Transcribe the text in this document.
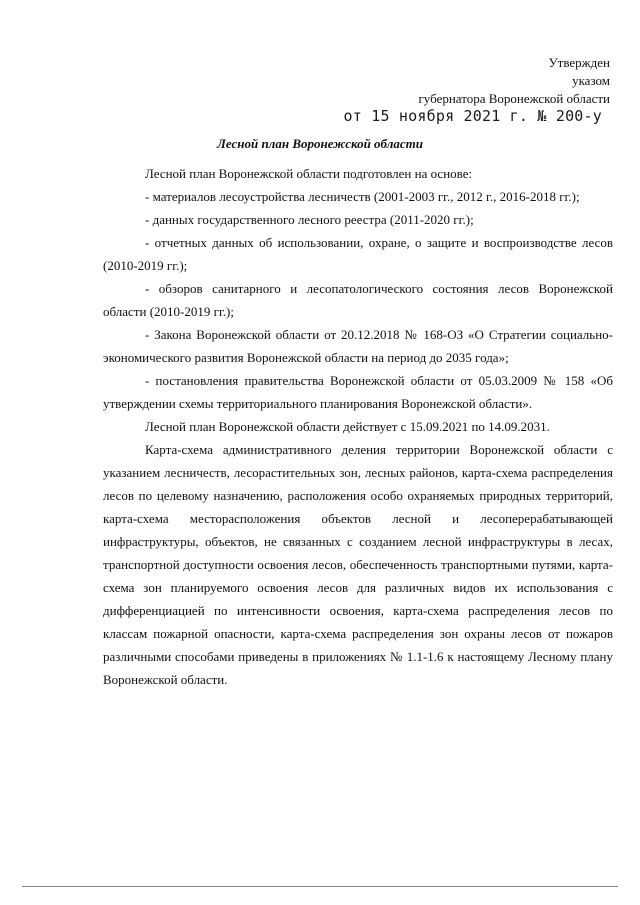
Утвержден
указом
губернатора Воронежской области
от 15 ноября 2021 г. № 200-у
Лесной план Воронежской области

Лесной план Воронежской области подготовлен на основе:

- материалов лесоустройства лесничеств (2001-2003 гг., 2012 г., 2016-2018 гг.);

- данных государственного лесного реестра (2011-2020 гг.);

- отчетных данных об использовании, охране, о защите и воспроизводстве лесов (2010-2019 гг.);

- обзоров санитарного и лесопатологического состояния лесов Воронежской области (2010-2019 гг.);

- Закона Воронежской области от 20.12.2018 № 168-ОЗ «О Стратегии социально-экономического развития Воронежской области на период до 2035 года»;

- постановления правительства Воронежской области от 05.03.2009 № 158 «Об утверждении схемы территориального планирования Воронежской области».

Лесной план Воронежской области действует с 15.09.2021 по 14.09.2031.

Карта-схема административного деления территории Воронежской области с указанием лесничеств, лесорастительных зон, лесных районов, карта-схема распределения лесов по целевому назначению, расположения особо охраняемых природных территорий, карта-схема месторасположения объектов лесной и лесоперерабатывающей инфраструктуры, объектов, не связанных с созданием лесной инфраструктуры в лесах, транспортной доступности освоения лесов, обеспеченность транспортными путями, карта-схема зон планируемого освоения лесов для различных видов их использования с дифференциацией по интенсивности освоения, карта-схема распределения лесов по классам пожарной опасности, карта-схема распределения зон охраны лесов от пожаров различными способами приведены в приложениях № 1.1-1.6 к настоящему Лесному плану Воронежской области.
